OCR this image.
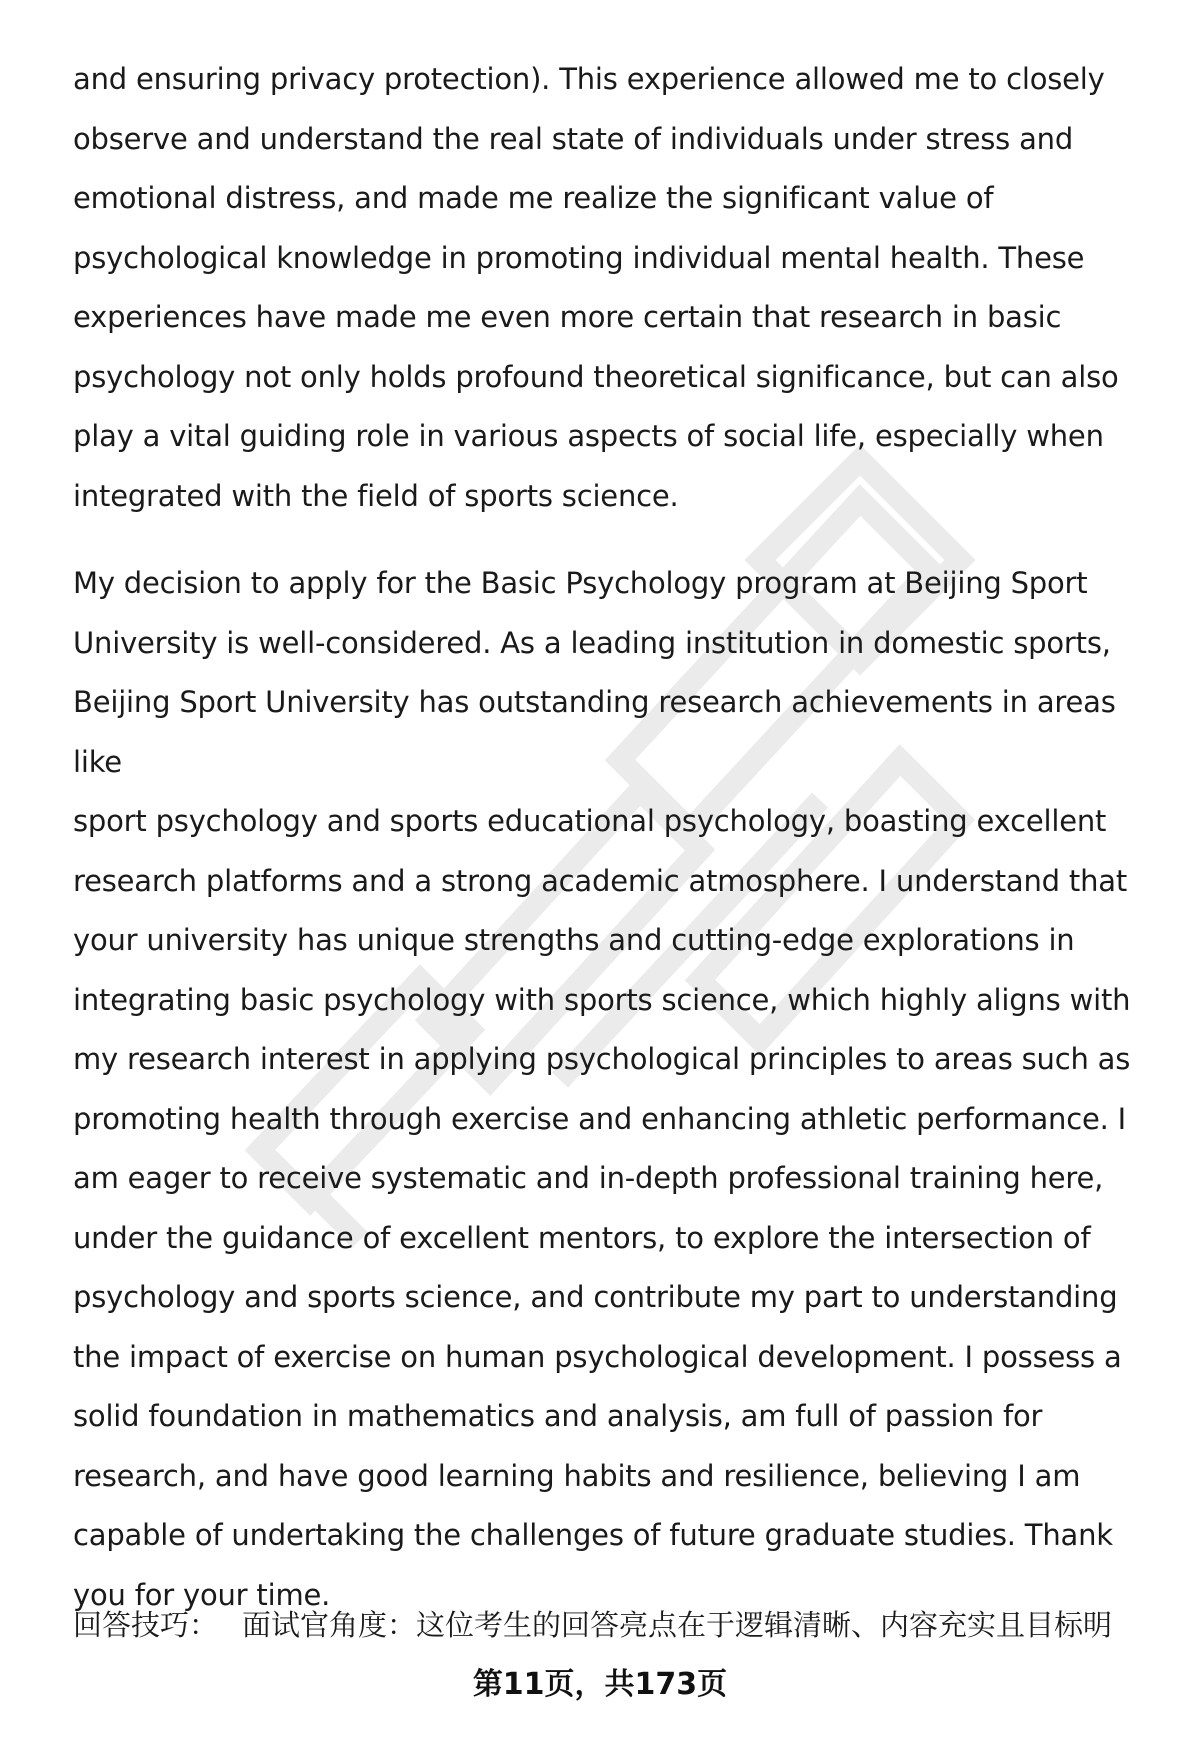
and ensuring privacy protection). This experience allowed me to closely
observe and understand the real state of individuals under stress and
emotional distress, and made me realize the significant value of
psychological knowledge in promoting individual mental health. These
experiences have made me even more certain that research in basic
psychology not only holds profound theoretical significance, but can also
play a vital guiding role in various aspects of social life, especially when
integrated with the field of sports science.

My decision to apply for the Basic Psychology program at Beijing Sport
University is well-considered. As a leading institution in domestic sports,
Beijing Sport University has outstanding research achievements in areas like
sport psychology and sports educational psychology, boasting excellent
research platforms and a strong academic atmosphere. I understand that
your university has unique strengths and cutting-edge explorations in
integrating basic psychology with sports science, which highly aligns with
my research interest in applying psychological principles to areas such as
promoting health through exercise and enhancing athletic performance. I
am eager to receive systematic and in-depth professional training here,
under the guidance of excellent mentors, to explore the intersection of
psychology and sports science, and contribute my part to understanding
the impact of exercise on human psychological development. I possess a
solid foundation in mathematics and analysis, am full of passion for
research, and have good learning habits and resilience, believing I am
capable of undertaking the challenges of future graduate studies. Thank
you for your time.

回答技巧： 面试官角度：这位考生的回答亮点在于逻辑清晰、内容充实且目标明
第11页，共173页
